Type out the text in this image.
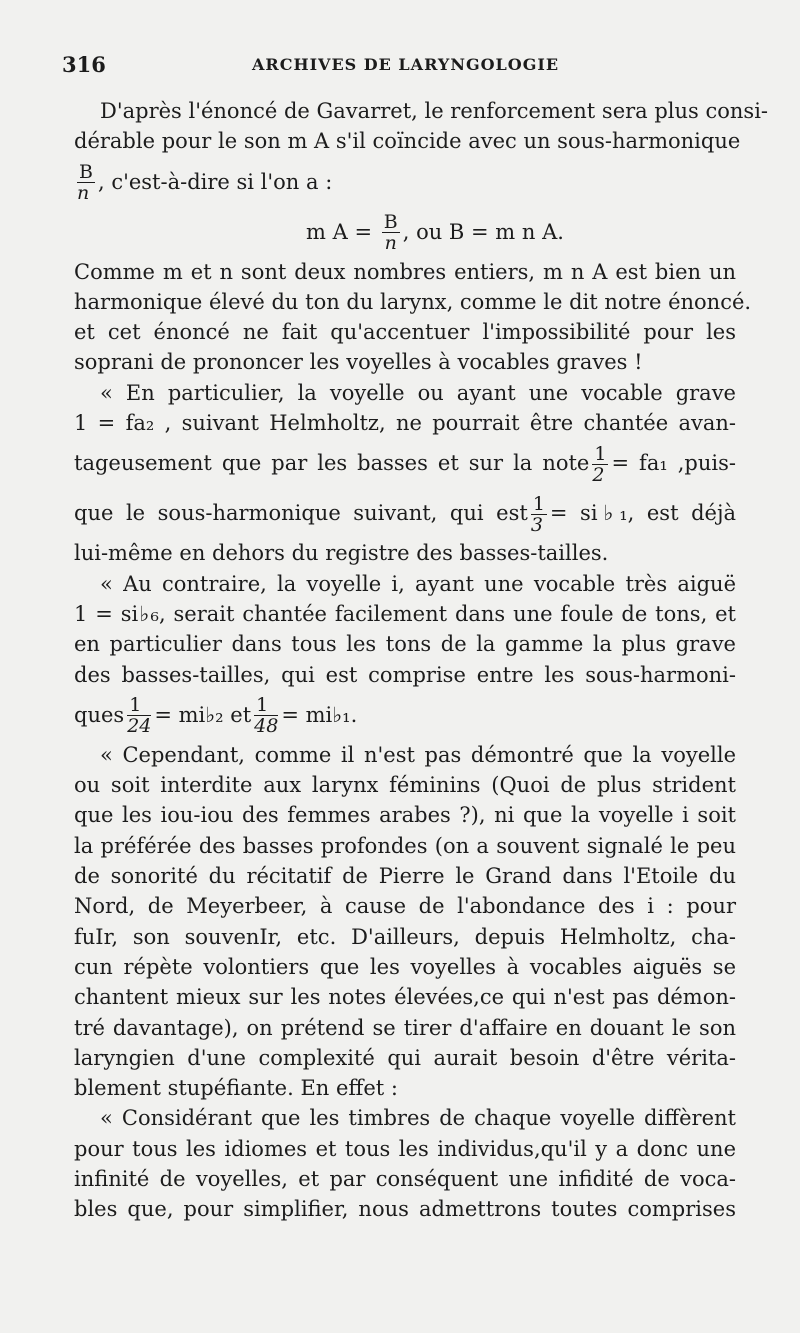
316	ARCHIVES DE LARYNGOLOGIE
D'après l'énoncé de Gavarret, le renforcement sera plus consi-
dérable pour le son m A s'il coïncide avec un sous-harmonique
$\frac{B}{n}$ , c'est-à-dire si l'on a :
m $A = \frac{B}{n}$ , ou B = m n A.
Comme m et n sont deux nombres entiers, m n A est bien un
harmonique élevé du ton du larynx, comme le dit notre énoncé.
et cet énoncé ne fait qu'accentuer l'impossibilité pour les
soprani de prononcer les voyelles à vocables graves !
« En particulier, la voyelle ou ayant une vocable grave
1 = fa₂ , suivant Helmholtz, ne pourrait être chantée avan-
tageusement que par les basses et sur la note $\frac{1}{2} = fa_1$ ,puis-
que le sous-harmonique suivant, qui est $\frac{1}{3}$ = si♭₁, est déjà
lui-même en dehors du registre des basses-tailles.
« Au contraire, la voyelle i, ayant une vocable très aiguë
1 = si♭₆, serait chantée facilement dans une foule de tons, et
en particulier dans tous les tons de la gamme la plus grave
des basses-tailles, qui est comprise entre les sous-harmoni-
ques $\frac{1}{24}$ = mi♭₂ et $\frac{1}{48}$ = mi♭₁.
« Cependant, comme il n'est pas démontré que la voyelle
ou soit interdite aux larynx féminins (Quoi de plus strident
que les iou-iou des femmes arabes ?), ni que la voyelle i soit
la préférée des basses profondes (on a souvent signalé le peu
de sonorité du récitatif de Pierre le Grand dans l'Etoile du
Nord, de Meyerbeer, à cause de l'abondance des i : pour
fuIr, son souvenIr, etc. D'ailleurs, depuis Helmholtz, cha-
cun répète volontiers que les voyelles à vocables aiguës se
chantent mieux sur les notes élevées,ce qui n'est pas démon-
tré davantage), on prétend se tirer d'affaire en douant le son
laryngien d'une complexité qui aurait besoin d'être vérita-
blement stupéfiante. En effet :
« Considérant que les timbres de chaque voyelle diffèrent
pour tous les idiomes et tous les individus,qu'il y a donc une
infinité de voyelles, et par conséquent une infidité de voca-
bles que, pour simplifier, nous admettrons toutes comprises
